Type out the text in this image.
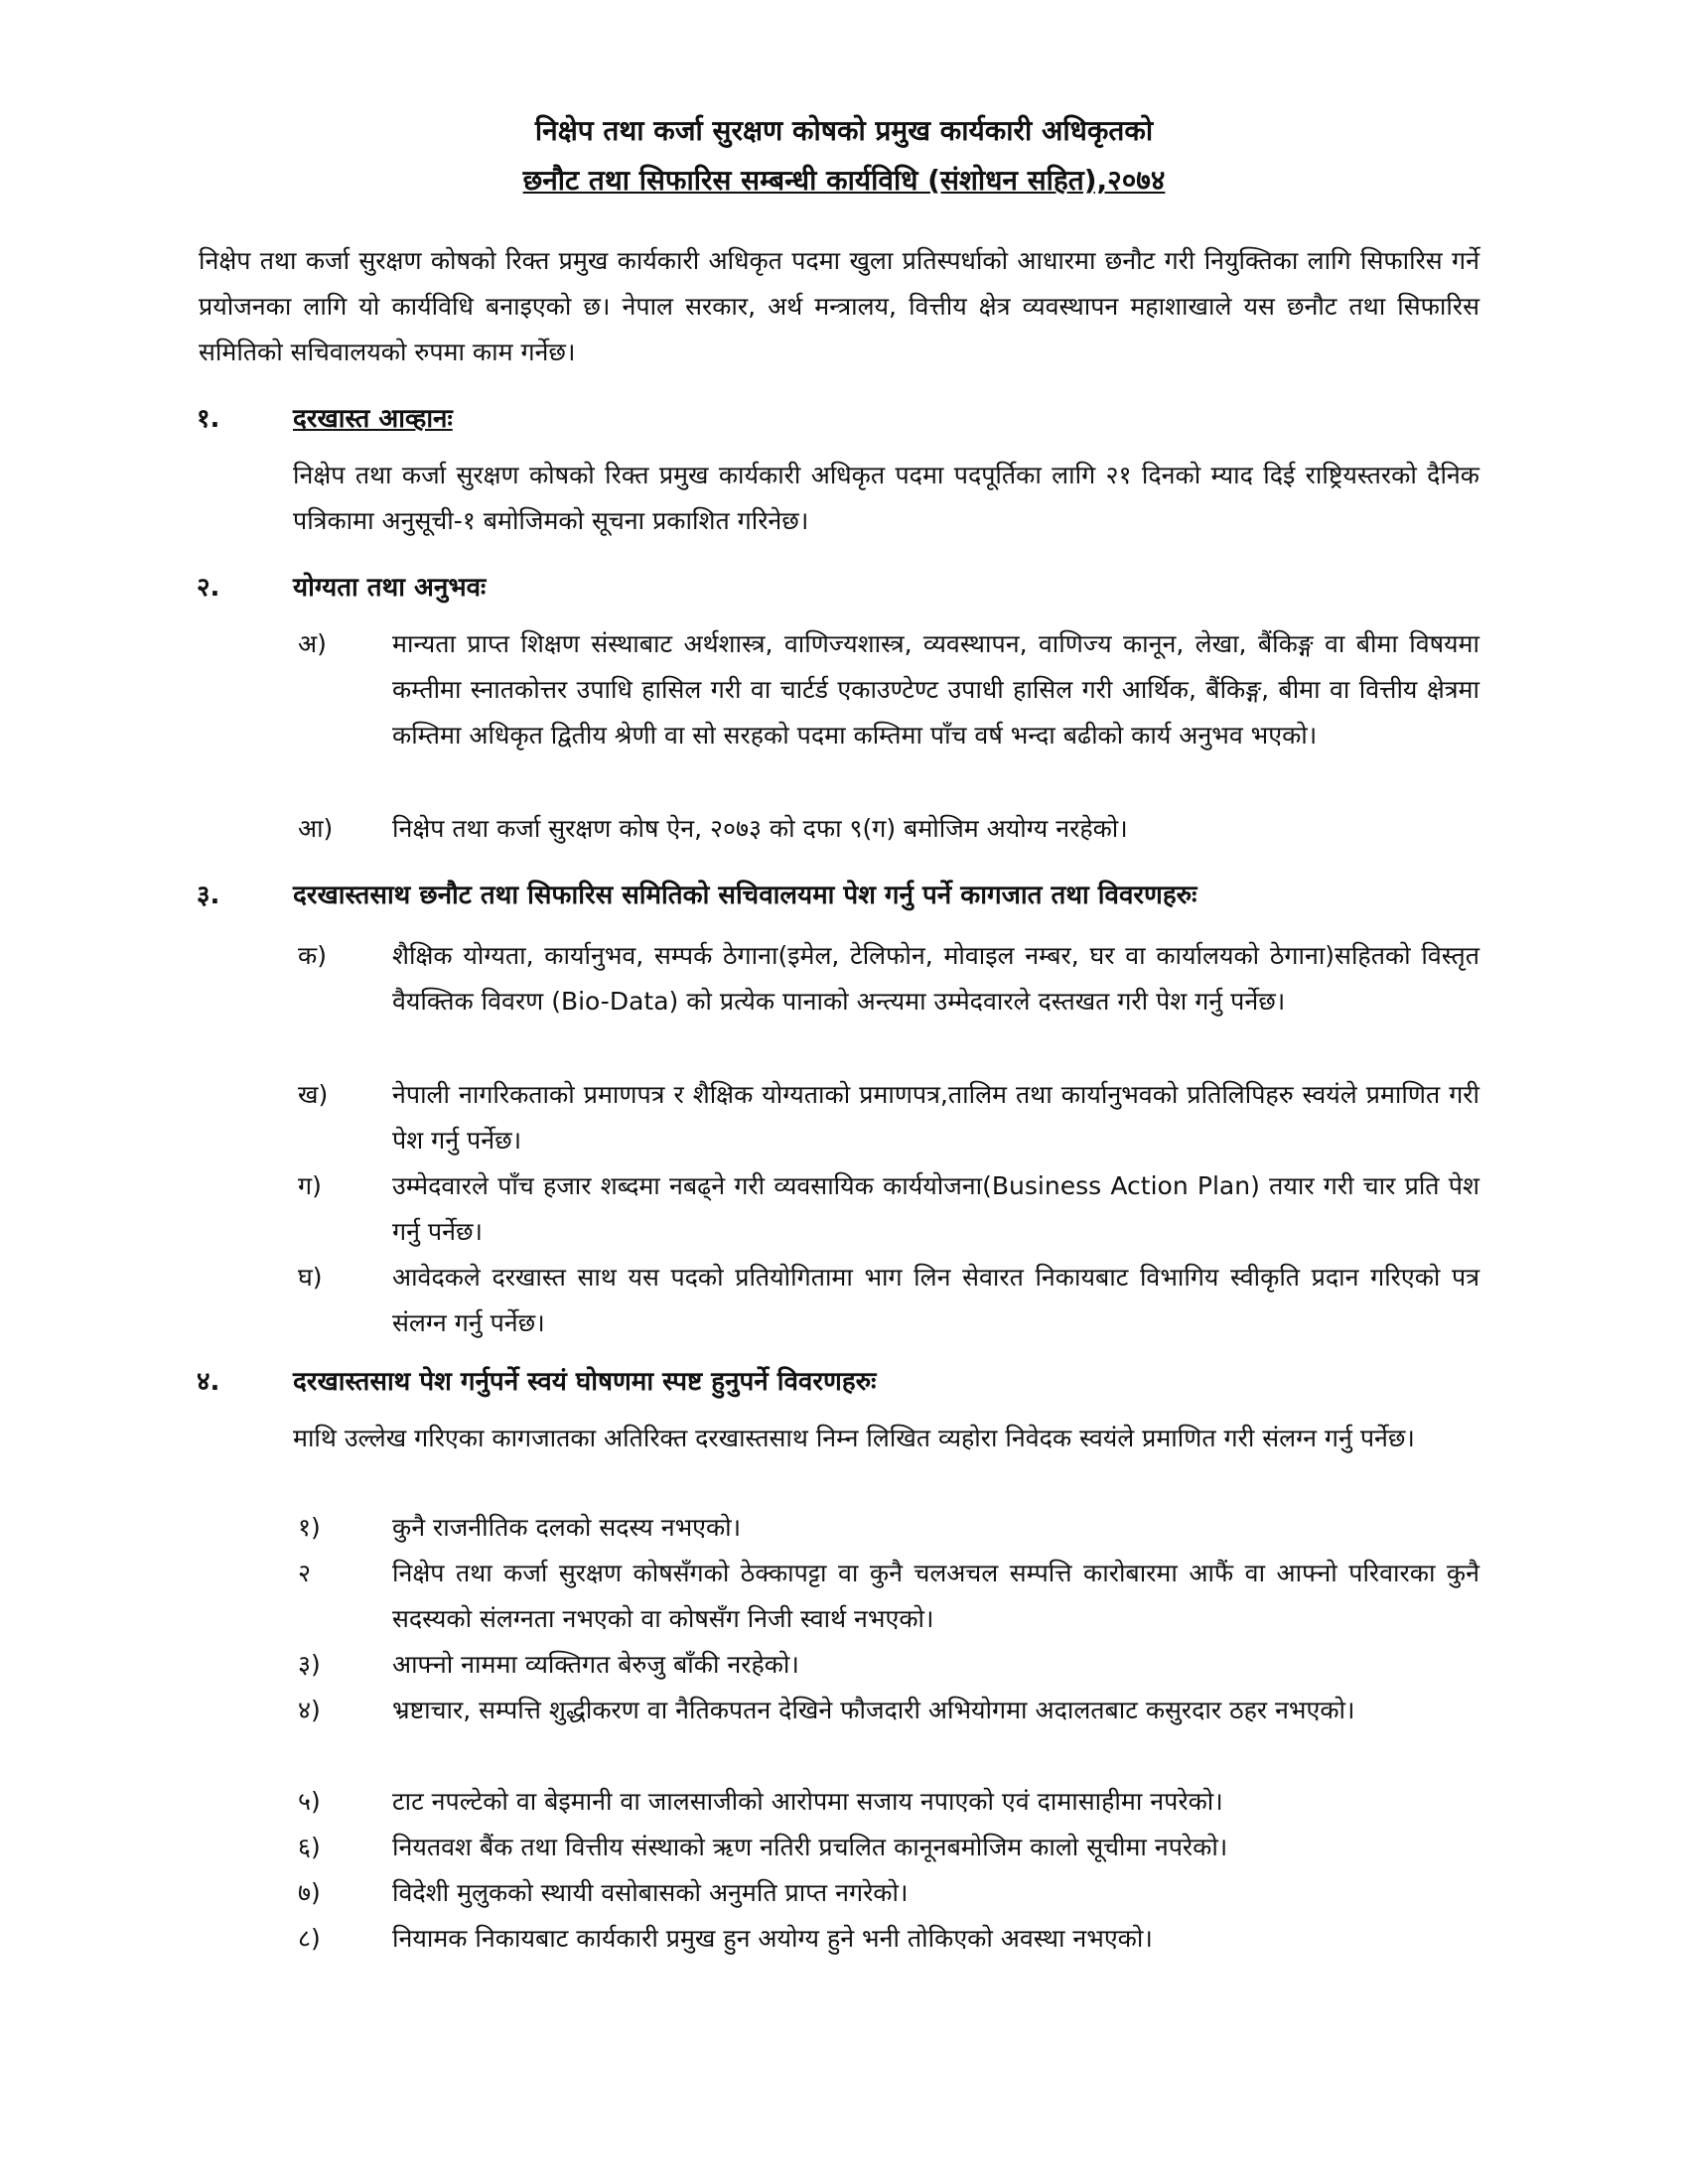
निक्षेप तथा कर्जा सुरक्षण कोषको प्रमुख कार्यकारी अधिकृतको
छनौट तथा सिफारिस सम्बन्धी कार्यविधि (संशोधन सहित),२०७४

निक्षेप तथा कर्जा सुरक्षण कोषको रिक्त प्रमुख कार्यकारी अधिकृत पदमा खुला प्रतिस्पर्धाको आधारमा छनौट गरी नियुक्तिका लागि सिफारिस गर्ने प्रयोजनका लागि यो कार्यविधि बनाइएको छ। नेपाल सरकार, अर्थ मन्त्रालय, वित्तीय क्षेत्र व्यवस्थापन महाशाखाले यस छनौट तथा सिफारिस समितिको सचिवालयको रुपमा काम गर्नेछ।

१.	दरखास्त आव्हानः

निक्षेप तथा कर्जा सुरक्षण कोषको रिक्त प्रमुख कार्यकारी अधिकृत पदमा पदपूर्तिका लागि २१ दिनको म्याद दिई राष्ट्रियस्तरको दैनिक पत्रिकामा अनुसूची-१ बमोजिमको सूचना प्रकाशित गरिनेछ।

२.	योग्यता तथा अनुभवः
अ)	मान्यता प्राप्त शिक्षण संस्थाबाट अर्थशास्त्र, वाणिज्यशास्त्र, व्यवस्थापन, वाणिज्य कानून, लेखा, बैंकिङ्ग वा बीमा विषयमा कम्तीमा स्नातकोत्तर उपाधि हासिल गरी वा चार्टर्ड एकाउण्टेण्ट उपाधी हासिल गरी आर्थिक, बैंकिङ्ग, बीमा वा वित्तीय क्षेत्रमा कम्तिमा अधिकृत द्वितीय श्रेणी वा सो सरहको पदमा कम्तिमा पाँच वर्ष भन्दा बढीको कार्य अनुभव भएको।

आ) निक्षेप तथा कर्जा सुरक्षण कोष ऐन, २०७३ को दफा ९(ग) बमोजिम अयोग्य नरहेको।

३.	दरखास्तसाथ छनौट तथा सिफारिस समितिको सचिवालयमा पेश गर्नु पर्ने कागजात तथा विवरणहरुः
क)	शैक्षिक योग्यता, कार्यानुभव, सम्पर्क ठेगाना(इमेल, टेलिफोन, मोवाइल नम्बर, घर वा कार्यालयको ठेगाना)सहितको विस्तृत वैयक्तिक विवरण (Bio-Data) को प्रत्येक पानाको अन्त्यमा उम्मेदवारले दस्तखत गरी पेश गर्नु पर्नेछ।

ख)	नेपाली नागरिकताको प्रमाणपत्र र शैक्षिक योग्यताको प्रमाणपत्र,तालिम तथा कार्यानुभवको प्रतिलिपिहरु स्वयंले प्रमाणित गरी पेश गर्नु पर्नेछ।

ग)	उम्मेदवारले पाँच हजार शब्दमा नबढ्ने गरी व्यवसायिक कार्ययोजना(Business Action Plan) तयार गरी चार प्रति पेश गर्नु पर्नेछ।

घ)	आवेदकले दरखास्त साथ यस पदको प्रतियोगितामा भाग लिन सेवारत निकायबाट विभागिय स्वीकृति प्रदान गरिएको पत्र संलग्न गर्नु पर्नेछ।

४.	दरखास्तसाथ पेश गर्नुपर्ने स्वयं घोषणमा स्पष्ट हुनुपर्ने विवरणहरुः

माथि उल्लेख गरिएका कागजातका अतिरिक्त दरखास्तसाथ निम्न लिखित व्यहोरा निवेदक स्वयंले प्रमाणित गरी संलग्न गर्नु पर्नेछ।

१)	कुनै राजनीतिक दलको सदस्य नभएको।

२	निक्षेप तथा कर्जा सुरक्षण कोषसँगको ठेक्कापट्टा वा कुनै चलअचल सम्पत्ति कारोबारमा आफैं वा आफ्नो परिवारका कुनै सदस्यको संलग्नता नभएको वा कोषसँग निजी स्वार्थ नभएको।

३)	आफ्नो नाममा व्यक्तिगत बेरुजु बाँकी नरहेको।

४)	भ्रष्टाचार, सम्पत्ति शुद्धीकरण वा नैतिकपतन देखिने फौजदारी अभियोगमा अदालतबाट कसुरदार ठहर नभएको।

५)	टाट नपल्टेको वा बेइमानी वा जालसाजीको आरोपमा सजाय नपाएको एवं दामासाहीमा नपरेको।

६)	नियतवश बैंक तथा वित्तीय संस्थाको ऋण नतिरी प्रचलित कानूनबमोजिम कालो सूचीमा नपरेको।

७)	विदेशी मुलुकको स्थायी वसोबासको अनुमति प्राप्त नगरेको।

८)	नियामक निकायबाट कार्यकारी प्रमुख हुन अयोग्य हुने भनी तोकिएको अवस्था नभएको।
